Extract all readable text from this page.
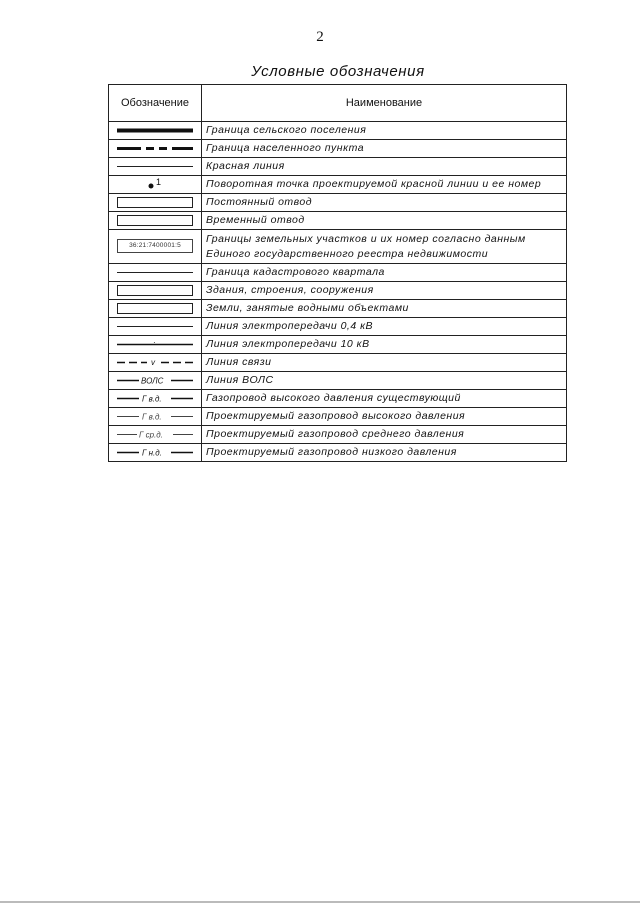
2
Условные обозначения
Обозначение	Наименование

	Граница сельского поселения

	Граница населенного пункта

	Красная линия

1	Поворотная точка проектируемой красной линии и ее номер

	Постоянный отвод

	Временный отвод

36:21:7400001:5	Границы земельных участков и их номер согласно данным
Единого государственного реестра недвижимости

	Граница кадастрового квартала

	Здания, строения, сооружения

	Земли, занятые водными объектами

	Линия электропередачи 0,4 кВ

·	Линия электропередачи 10 кВ

v	Линия связи

ВОЛС	Линия ВОЛС

Г в.д.	Газопровод высокого давления существующий

Г в.д.	Проектируемый газопровод высокого давления

Г ср.д.	Проектируемый газопровод среднего давления

Г н.д.	Проектируемый газопровод низкого давления
